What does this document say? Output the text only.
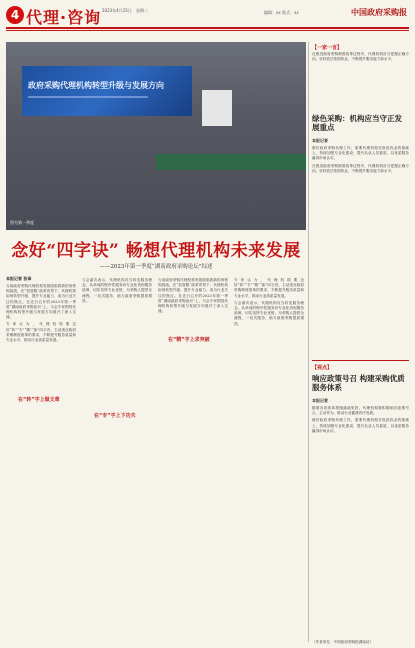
4 代理·咨询 2023年4月25日 星期二	编辑：xx 版式：xx	中国政府采购报
政府采购代理机构转型升级与发展方向
图为第一季度
念好“四字诀” 畅想代理机构未来发展
——2023年第一季度“湖南政府采购论坛”综述
本报记者 张译

当前政府采购代理机构发展面临着新的形势和挑战，在“放管服”改革背景下，代理机构如何转型升级、提升专业能力，成为行业关注的焦点。在近日召开的2023年第一季度“湖南政府采购论坛”上，与会专家围绕代理机构转型升级与发展方向展开了深入交流。

专家认为，代理机构要念好“转”“专”“精”“新”四字诀，主动适应政府采购制度改革的要求，不断提升服务质量和专业水平，推动行业高质量发展。

在“转”字上做文章

与会嘉宾表示，代理机构应当转变服务理念，从单纯的程序性服务向专业化咨询服务延伸，切实发挥专业优势，为采购人提供全流程、一站式服务，助力政府采购提质增效。

在“专”字上下功夫

当前政府采购代理机构发展面临着新的形势和挑战，在“放管服”改革背景下，代理机构如何转型升级、提升专业能力，成为行业关注的焦点。在近日召开的2023年第一季度“湖南政府采购论坛”上，与会专家围绕代理机构转型升级与发展方向展开了深入交流。

在“精”字上求突破

专家认为，代理机构要念好“转”“专”“精”“新”四字诀，主动适应政府采购制度改革的要求，不断提升服务质量和专业水平，推动行业高质量发展。

与会嘉宾表示，代理机构应当转变服务理念，从单纯的程序性服务向专业化咨询服务延伸，切实发挥专业优势，为采购人提供全流程、一站式服务，助力政府采购提质增效。

【一家一言】

在推进政府采购制度改革过程中，代理机构应当把握正确方向，坚持依法依规执业，不断提升服务能力和水平。

绿色采购：机构应当守正发展重点
本报记者

做好政府采购代理工作，需要代理机构在规范执业的基础上，持续加强专业化建设，提升从业人员素质，以优质服务赢得市场认可。

在推进政府采购制度改革过程中，代理机构应当把握正确方向，坚持依法依规执业，不断提升服务能力和水平。

【视点】
响应政策号召 构建采购优质服务体系
本报记者

随着各项改革措施落地见效，代理机构要积极响应政策号召，主动作为，推动行业健康有序发展。

做好政府采购代理工作，需要代理机构在规范执业的基础上，持续加强专业化建设，提升从业人员素质，以优质服务赢得市场认可。

（作者单位：中国政府采购报湖南站）
